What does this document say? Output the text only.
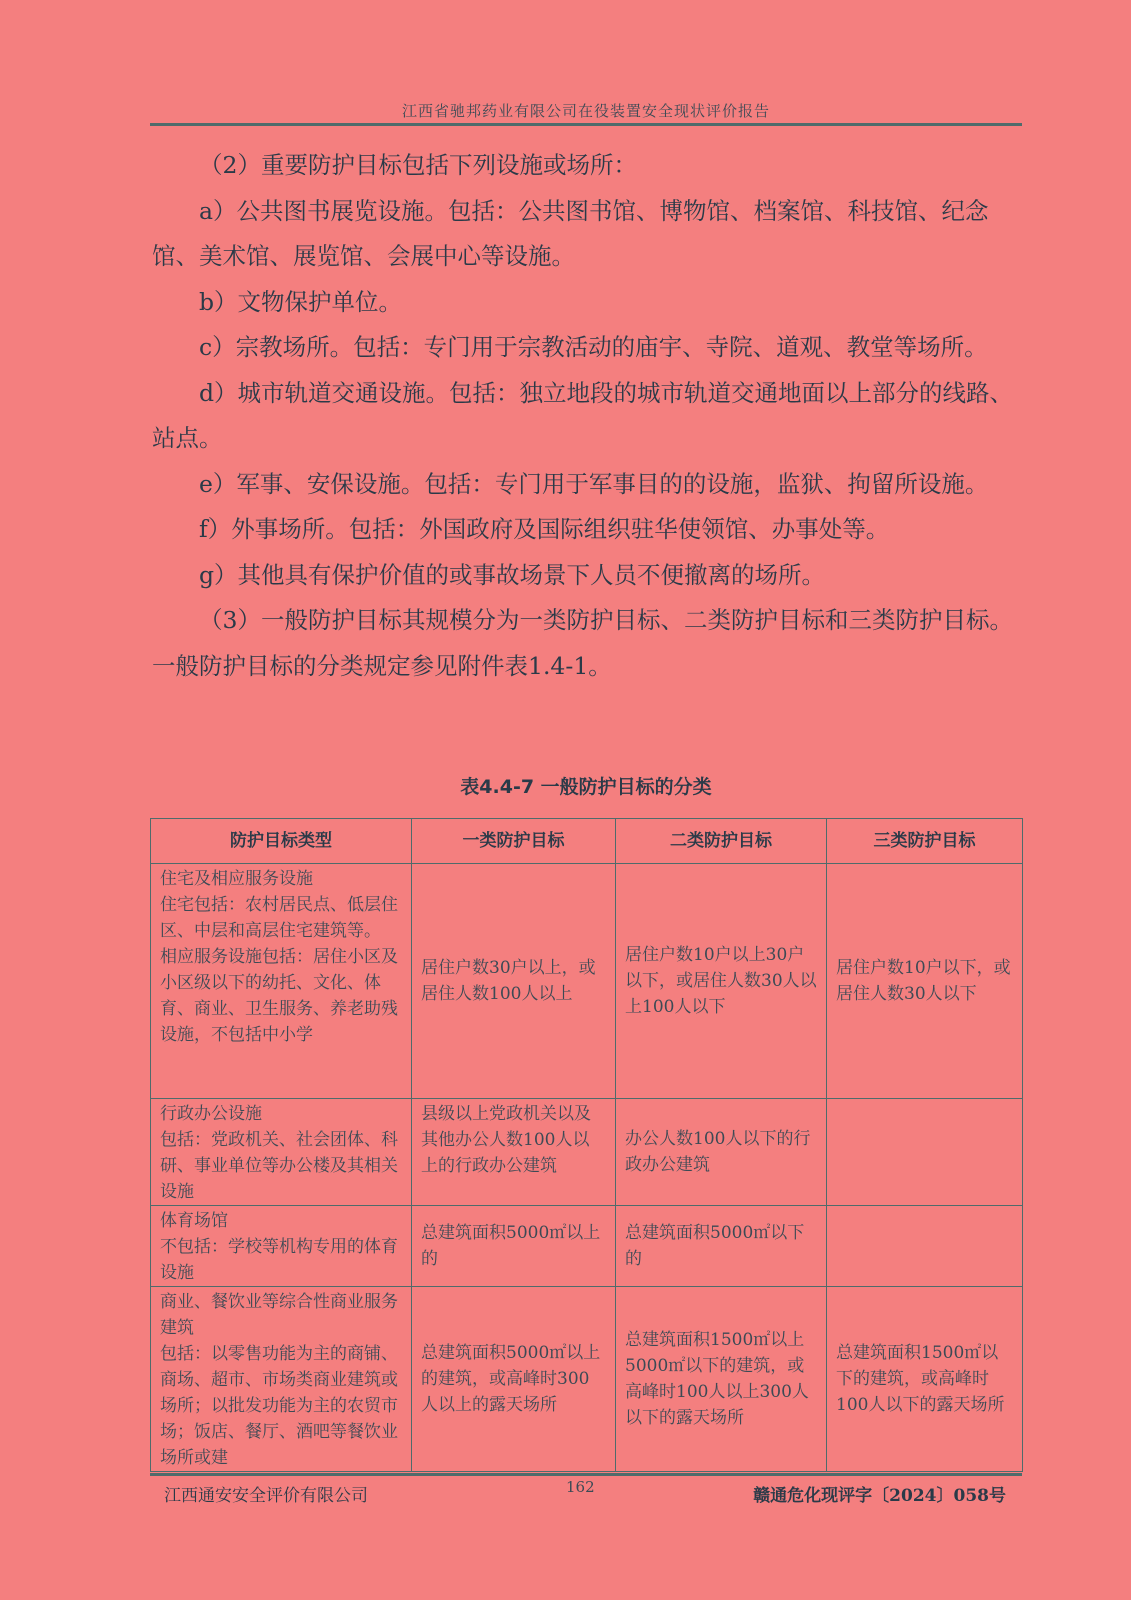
江西省驰邦药业有限公司在役装置安全现状评价报告

（2）重要防护目标包括下列设施或场所：

a）公共图书展览设施。包括：公共图书馆、博物馆、档案馆、科技馆、纪念馆、美术馆、展览馆、会展中心等设施。

b）文物保护单位。

c）宗教场所。包括：专门用于宗教活动的庙宇、寺院、道观、教堂等场所。

d）城市轨道交通设施。包括：独立地段的城市轨道交通地面以上部分的线路、站点。

e）军事、安保设施。包括：专门用于军事目的的设施，监狱、拘留所设施。

f）外事场所。包括：外国政府及国际组织驻华使领馆、办事处等。

g）其他具有保护价值的或事故场景下人员不便撤离的场所。

（3）一般防护目标其规模分为一类防护目标、二类防护目标和三类防护目标。一般防护目标的分类规定参见附件表1.4-1。

表4.4-7 一般防护目标的分类
防护目标类型	一类防护目标	二类防护目标	三类防护目标
住宅及相应服务设施
住宅包括：农村居民点、低层住区、中层和高层住宅建筑等。
相应服务设施包括：居住小区及小区级以下的幼托、文化、体育、商业、卫生服务、养老助残设施，不包括中小学	居住户数30户以上，或居住人数100人以上	居住户数10户以上30户以下，或居住人数30人以上100人以下	居住户数10户以下，或居住人数30人以下
行政办公设施
包括：党政机关、社会团体、科研、事业单位等办公楼及其相关设施	县级以上党政机关以及其他办公人数100人以上的行政办公建筑	办公人数100人以下的行政办公建筑	
体育场馆
不包括：学校等机构专用的体育设施	总建筑面积5000㎡以上的	总建筑面积5000㎡以下的	
商业、餐饮业等综合性商业服务建筑
包括：以零售功能为主的商铺、商场、超市、市场类商业建筑或场所；以批发功能为主的农贸市场；饭店、餐厅、酒吧等餐饮业场所或建	总建筑面积5000㎡以上的建筑，或高峰时300人以上的露天场所	总建筑面积1500㎡以上5000㎡以下的建筑，或高峰时100人以上300人以下的露天场所	总建筑面积1500㎡以下的建筑，或高峰时100人以下的露天场所
江西通安安全评价有限公司	162	赣通危化现评字〔2024〕058号
